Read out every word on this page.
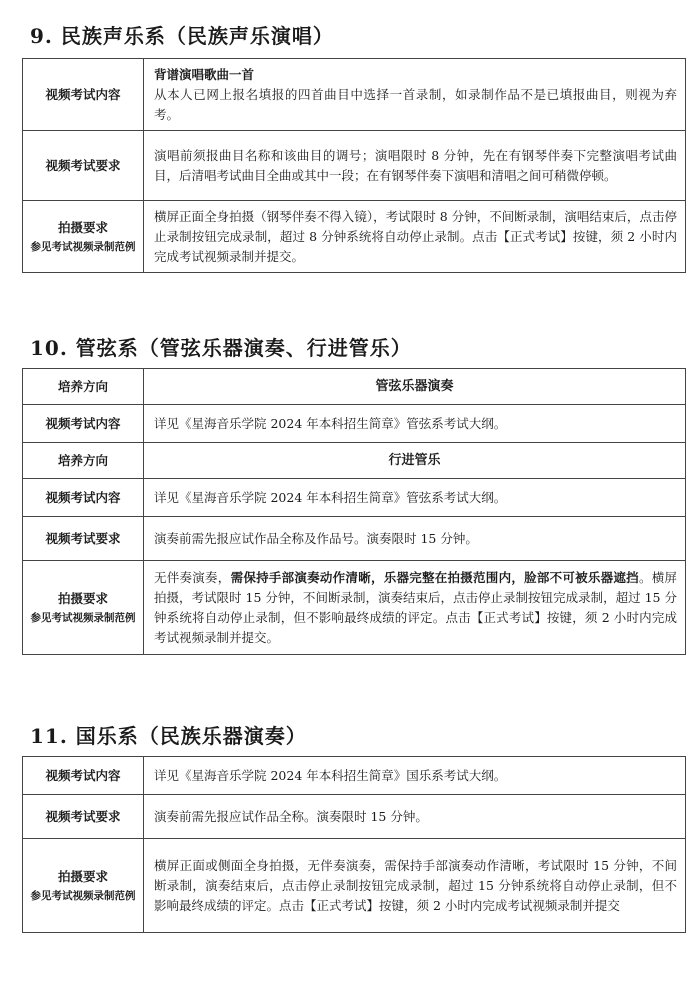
9. 民族声乐系（民族声乐演唱）
视频考试内容	背谱演唱歌曲一首
从本人已网上报名填报的四首曲目中选择一首录制，如录制作品不是已填报曲目，则视为弃考。

视频考试要求	演唱前须报曲目名称和该曲目的调号；演唱限时 8 分钟，先在有钢琴伴奏下完整演唱考试曲目，后清唱考试曲目全曲或其中一段；在有钢琴伴奏下演唱和清唱之间可稍微停顿。

拍摄要求
参见考试视频录制范例	横屏正面全身拍摄（钢琴伴奏不得入镜），考试限时 8 分钟，不间断录制，演唱结束后，点击停止录制按钮完成录制，超过 8 分钟系统将自动停止录制。点击【正式考试】按键，须 2 小时内完成考试视频录制并提交。
10. 管弦系（管弦乐器演奏、行进管乐）
培养方向	管弦乐器演奏
视频考试内容	详见《星海音乐学院 2024 年本科招生简章》管弦系考试大纲。
培养方向	行进管乐
视频考试内容	详见《星海音乐学院 2024 年本科招生简章》管弦系考试大纲。
视频考试要求	演奏前需先报应试作品全称及作品号。演奏限时 15 分钟。

拍摄要求
参见考试视频录制范例	无伴奏演奏，需保持手部演奏动作清晰，乐器完整在拍摄范围内，脸部不可被乐器遮挡。横屏拍摄，考试限时 15 分钟，不间断录制，演奏结束后，点击停止录制按钮完成录制，超过 15 分钟系统将自动停止录制，但不影响最终成绩的评定。点击【正式考试】按键，须 2 小时内完成考试视频录制并提交。
11. 国乐系（民族乐器演奏）
视频考试内容	详见《星海音乐学院 2024 年本科招生简章》国乐系考试大纲。
视频考试要求	演奏前需先报应试作品全称。演奏限时 15 分钟。

拍摄要求
参见考试视频录制范例	横屏正面或侧面全身拍摄，无伴奏演奏，需保持手部演奏动作清晰，考试限时 15 分钟，不间断录制，演奏结束后，点击停止录制按钮完成录制，超过 15 分钟系统将自动停止录制，但不影响最终成绩的评定。点击【正式考试】按键，须 2 小时内完成考试视频录制并提交
